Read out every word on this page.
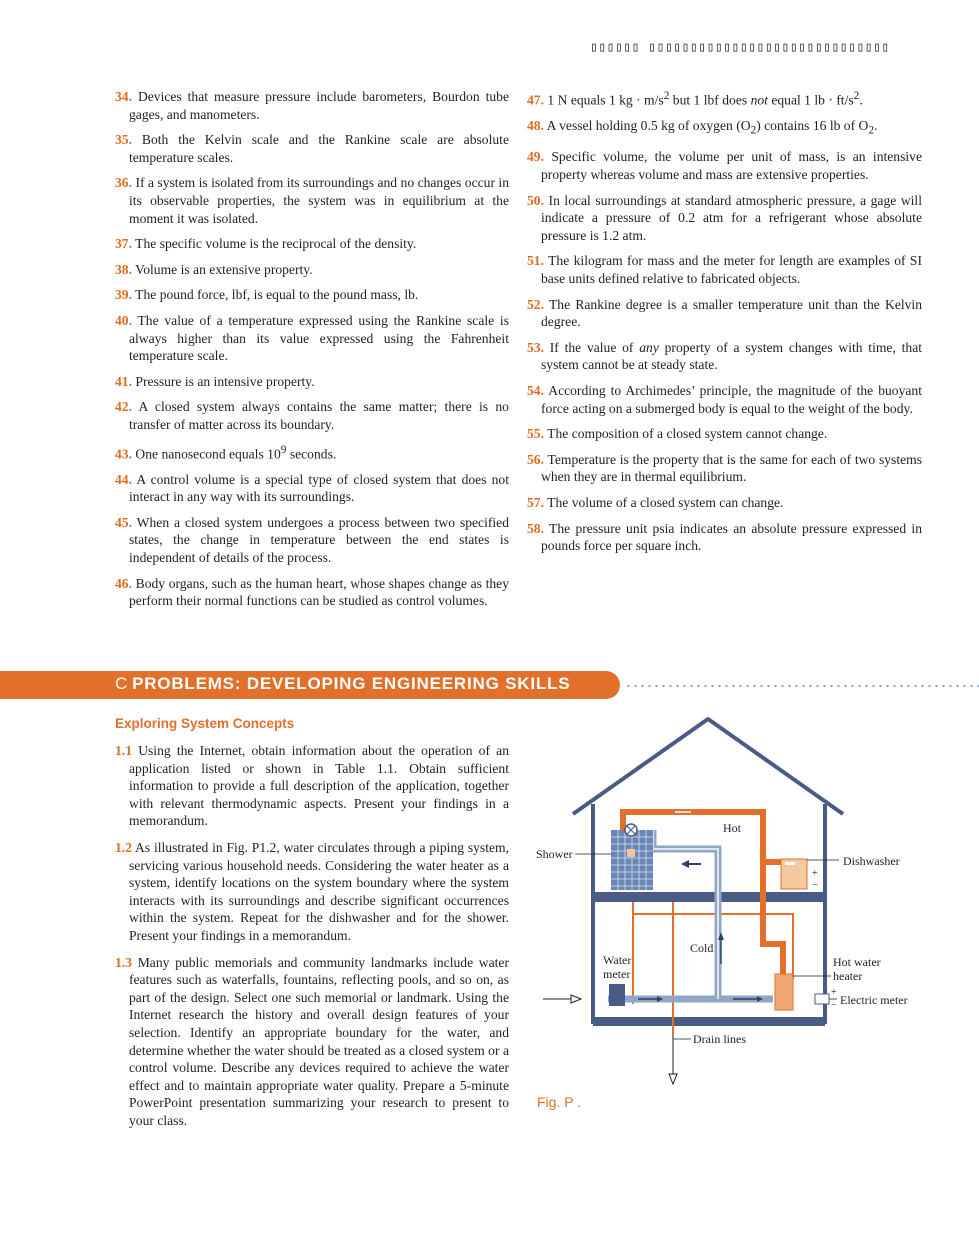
▯▯▯▯▯▯ ▯▯▯▯▯▯▯▯▯▯▯▯▯▯▯▯▯▯▯▯▯▯▯▯▯▯▯▯▯

34. Devices that measure pressure include barometers, Bourdon tube gages, and manometers.

35. Both the Kelvin scale and the Rankine scale are absolute temperature scales.

36. If a system is isolated from its surroundings and no changes occur in its observable properties, the system was in equilibrium at the moment it was isolated.

37. The specific volume is the reciprocal of the density.

38. Volume is an extensive property.

39. The pound force, lbf, is equal to the pound mass, lb.

40. The value of a temperature expressed using the Rankine scale is always higher than its value expressed using the Fahrenheit temperature scale.

41. Pressure is an intensive property.

42. A closed system always contains the same matter; there is no transfer of matter across its boundary.

43. One nanosecond equals $10^9$ seconds.

44. A control volume is a special type of closed system that does not interact in any way with its surroundings.

45. When a closed system undergoes a process between two specified states, the change in temperature between the end states is independent of details of the process.

46. Body organs, such as the human heart, whose shapes change as they perform their normal functions can be studied as control volumes.

47. 1 N equals 1 kg · $m/s^2$ but 1 lbf does not equal 1 lb · $ft/s^2$.

48. A vessel holding 0.5 kg of oxygen $(O_2)$ contains 16 lb of $O_2$.

49. Specific volume, the volume per unit of mass, is an intensive property whereas volume and mass are extensive properties.

50. In local surroundings at standard atmospheric pressure, a gage will indicate a pressure of 0.2 atm for a refrigerant whose absolute pressure is 1.2 atm.

51. The kilogram for mass and the meter for length are examples of SI base units defined relative to fabricated objects.

52. The Rankine degree is a smaller temperature unit than the Kelvin degree.

53. If the value of any property of a system changes with time, that system cannot be at steady state.

54. According to Archimedes’ principle, the magnitude of the buoyant force acting on a submerged body is equal to the weight of the body.

55. The composition of a closed system cannot change.

56. Temperature is the property that is the same for each of two systems when they are in thermal equilibrium.

57. The volume of a closed system can change.

58. The pressure unit psia indicates an absolute pressure expressed in pounds force per square inch.

C PROBLEMS: DEVELOPING ENGINEERING SKILLS
Exploring System Concepts

1.1 Using the Internet, obtain information about the operation of an application listed or shown in Table 1.1. Obtain sufficient information to provide a full description of the application, together with relevant thermodynamic aspects. Present your findings in a memorandum.

1.2 As illustrated in Fig. P1.2, water circulates through a piping system, servicing various household needs. Considering the water heater as a system, identify locations on the system boundary where the system interacts with its surroundings and describe significant occurrences within the system. Repeat for the dishwasher and for the shower. Present your findings in a memorandum.

1.3 Many public memorials and community landmarks include water features such as waterfalls, fountains, reflecting pools, and so on, as part of the design. Select one such memorial or landmark. Using the Internet research the history and overall design features of your selection. Identify an appropriate boundary for the water, and determine whether the water should be treated as a closed system or a control volume. Describe any devices required to achieve the water effect and to maintain appropriate water quality. Prepare a 5-minute PowerPoint presentation summarizing your research to present to your class.

+
−
+
−
Hot
Shower	Dishwasher
Cold
Water
meter
Hot water
heater
Electric meter
Drain lines
Fig. P .
